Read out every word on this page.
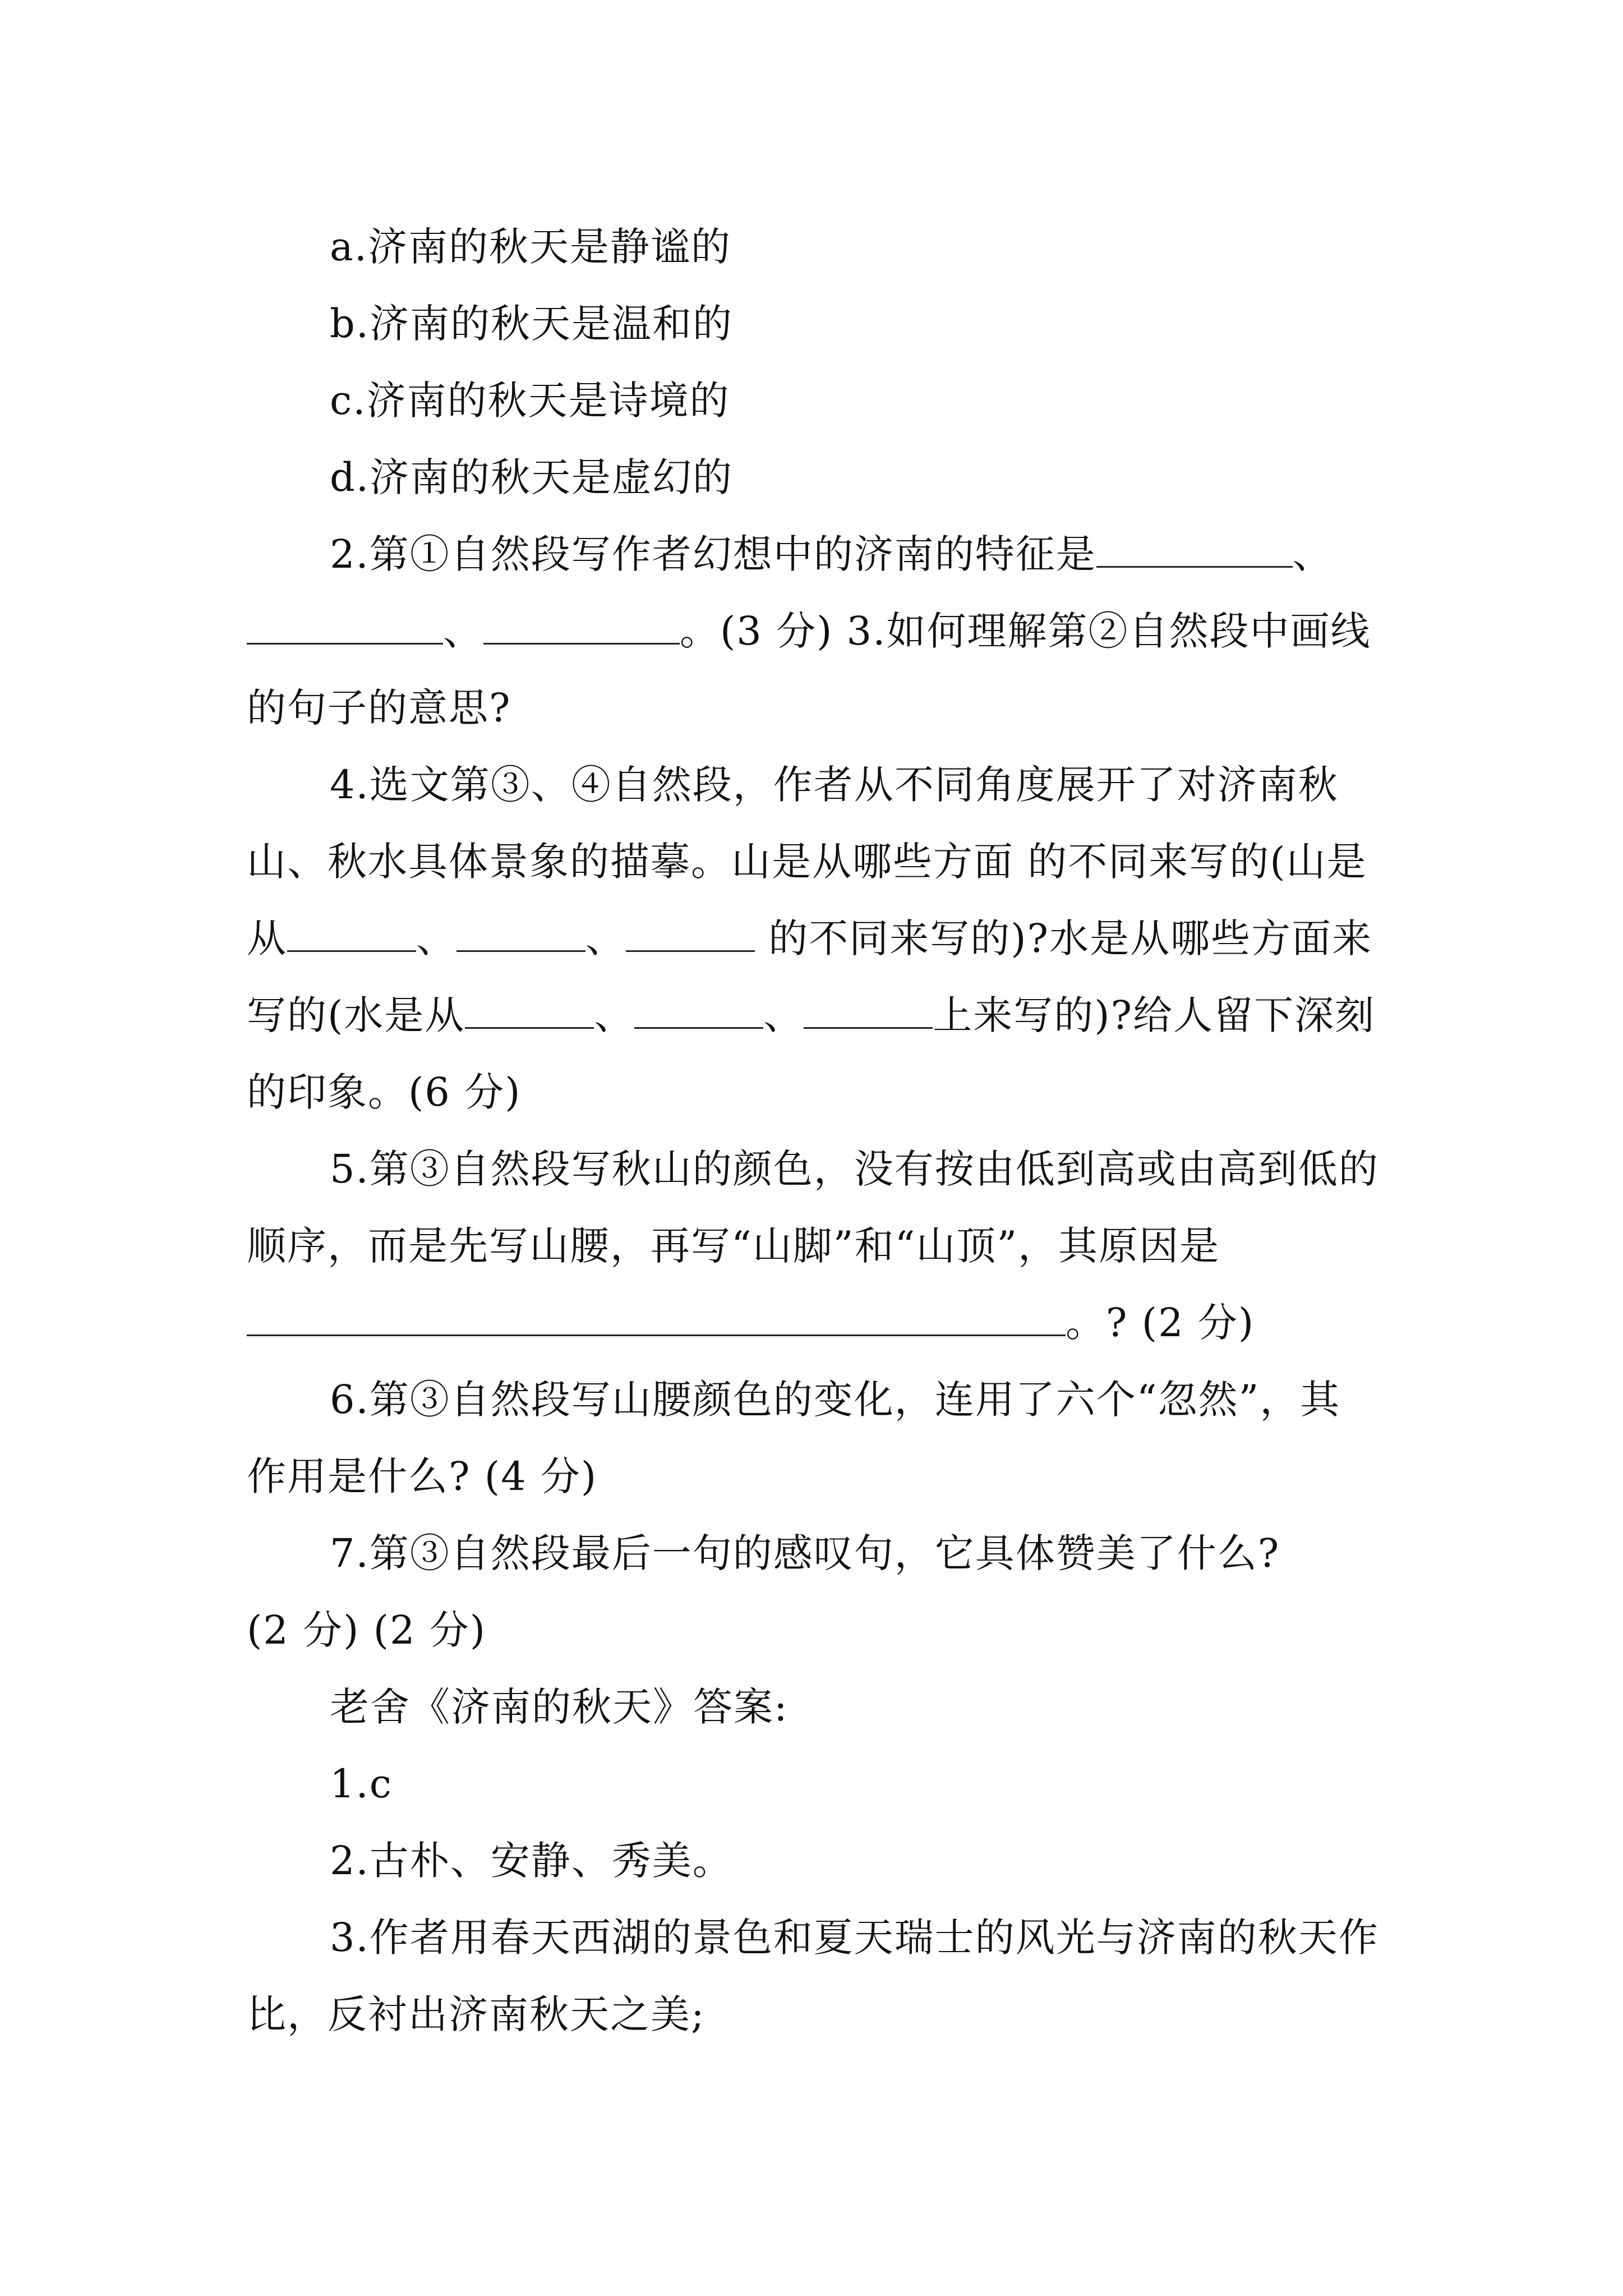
a.济南的秋天是静谧的

b.济南的秋天是温和的

c.济南的秋天是诗境的

d.济南的秋天是虚幻的

2.第①自然段写作者幻想中的济南的特征是	、、	。(3 分) 3.如何理解第②自然段中画线的句子的意思?

4.选文第③、④自然段，作者从不同角度展开了对济南秋山、秋水具体景象的描摹。山是从哪些方面 的不同来写的(山是从	、	、	的不同来写的)?水是从哪些方面来写的(水是从	、	、	上来写的)?给人留下深刻的印象。(6 分)

5.第③自然段写秋山的颜色，没有按由低到高或由高到低的顺序，而是先写山腰，再写“山脚”和“山顶”，其原因是。? (2 分)

6.第③自然段写山腰颜色的变化，连用了六个“忽然”，其作用是什么? (4 分)

7.第③自然段最后一句的感叹句，它具体赞美了什么?

(2 分) (2 分)

老舍《济南的秋天》答案:

1.c

2.古朴、安静、秀美。

3.作者用春天西湖的景色和夏天瑞士的风光与济南的秋天作比，反衬出济南秋天之美;
